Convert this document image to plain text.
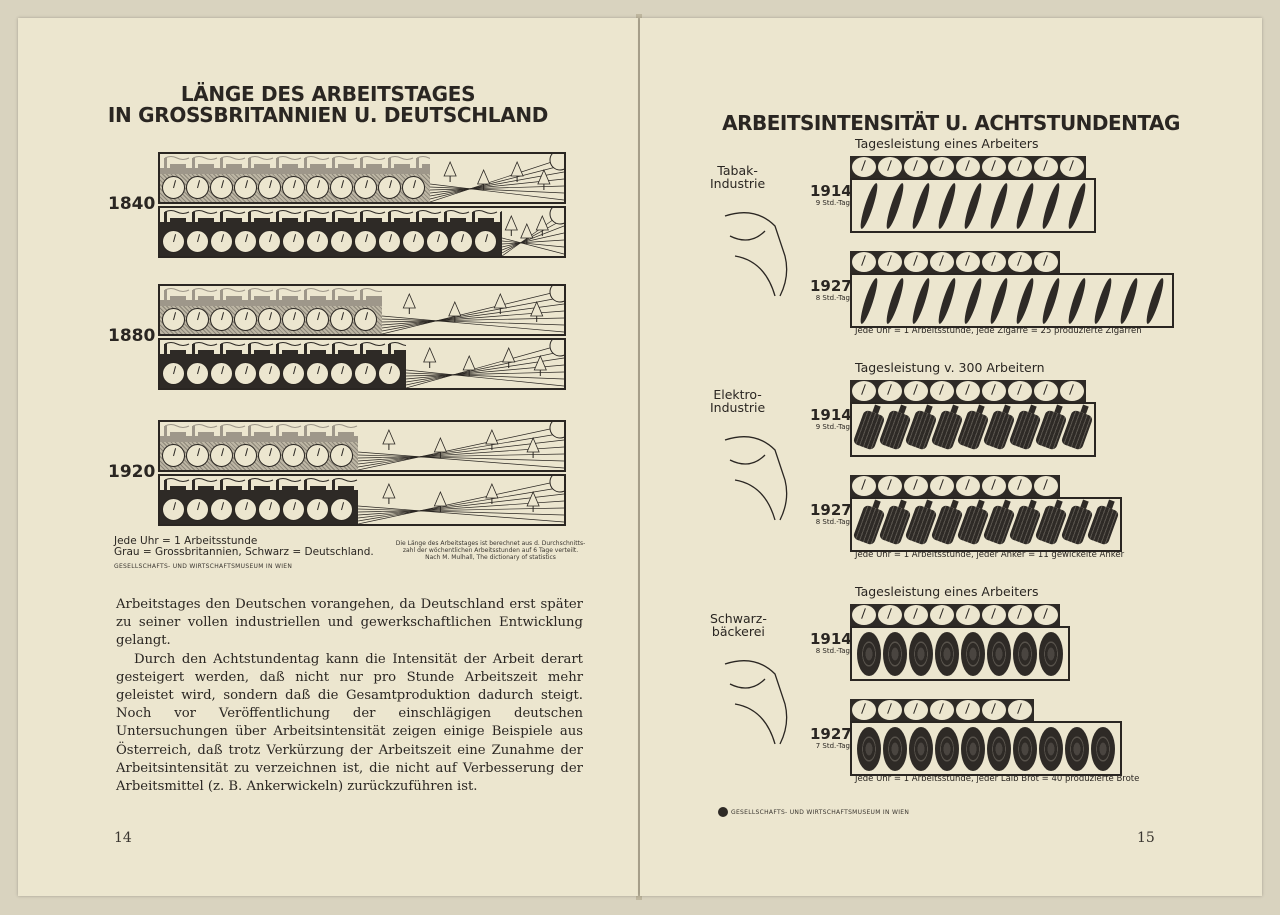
LÄNGE DES ARBEITSTAGES
IN GROSSBRITANNIEN U. DEUTSCHLAND
1840
1880
1920
Jede Uhr = 1 Arbeitsstunde
Grau = Grossbritannien, Schwarz = Deutschland.
GESELLSCHAFTS- UND WIRTSCHAFTSMUSEUM IN WIEN
Die Länge des Arbeitstages ist berechnet aus d. Durchschnitts-
zahl der wöchentlichen Arbeitsstunden auf 6 Tage verteilt.
Nach M. Mulhall, The dictionary of statistics

Arbeitstages den Deutschen vorangehen, da Deutschland erst später zu seiner vollen industriellen und gewerkschaftlichen Entwicklung gelangt.

Durch den Achtstundentag kann die Intensität der Arbeit derart gesteigert werden, daß nicht nur pro Stunde Arbeitszeit mehr geleistet wird, sondern daß die Gesamtproduktion dadurch steigt. Noch vor Veröffentlichung der einschlägigen deutschen Untersuchungen über Arbeitsintensität zeigen einige Beispiele aus Österreich, daß trotz Verkürzung der Arbeitszeit eine Zunahme der Arbeitsintensität zu verzeichnen ist, die nicht auf Verbesserung der Arbeitsmittel (z. B. Ankerwickeln) zurückzuführen ist.

14
ARBEITSINTENSITÄT U. ACHTSTUNDENTAG
Tagesleistung eines Arbeiters
Tabak-
Industrie	1914
9 Std.-Tag
1927
8 Std.-Tag
Jede Uhr = 1 Arbeitsstunde, jede Zigarre = 25 produzierte Zigarren
Tagesleistung v. 300 Arbeitern
Elektro-
Industrie	1914
9 Std.-Tag
1927
8 Std.-Tag
Jede Uhr = 1 Arbeitsstunde, jeder Anker = 11 gewickelte Anker
Tagesleistung eines Arbeiters
Schwarz-
bäckerei	1914
8 Std.-Tag
1927
7 Std.-Tag
Jede Uhr = 1 Arbeitsstunde, jeder Laib Brot = 40 produzierte Brote
GESELLSCHAFTS- UND WIRTSCHAFTSMUSEUM IN WIEN
15
